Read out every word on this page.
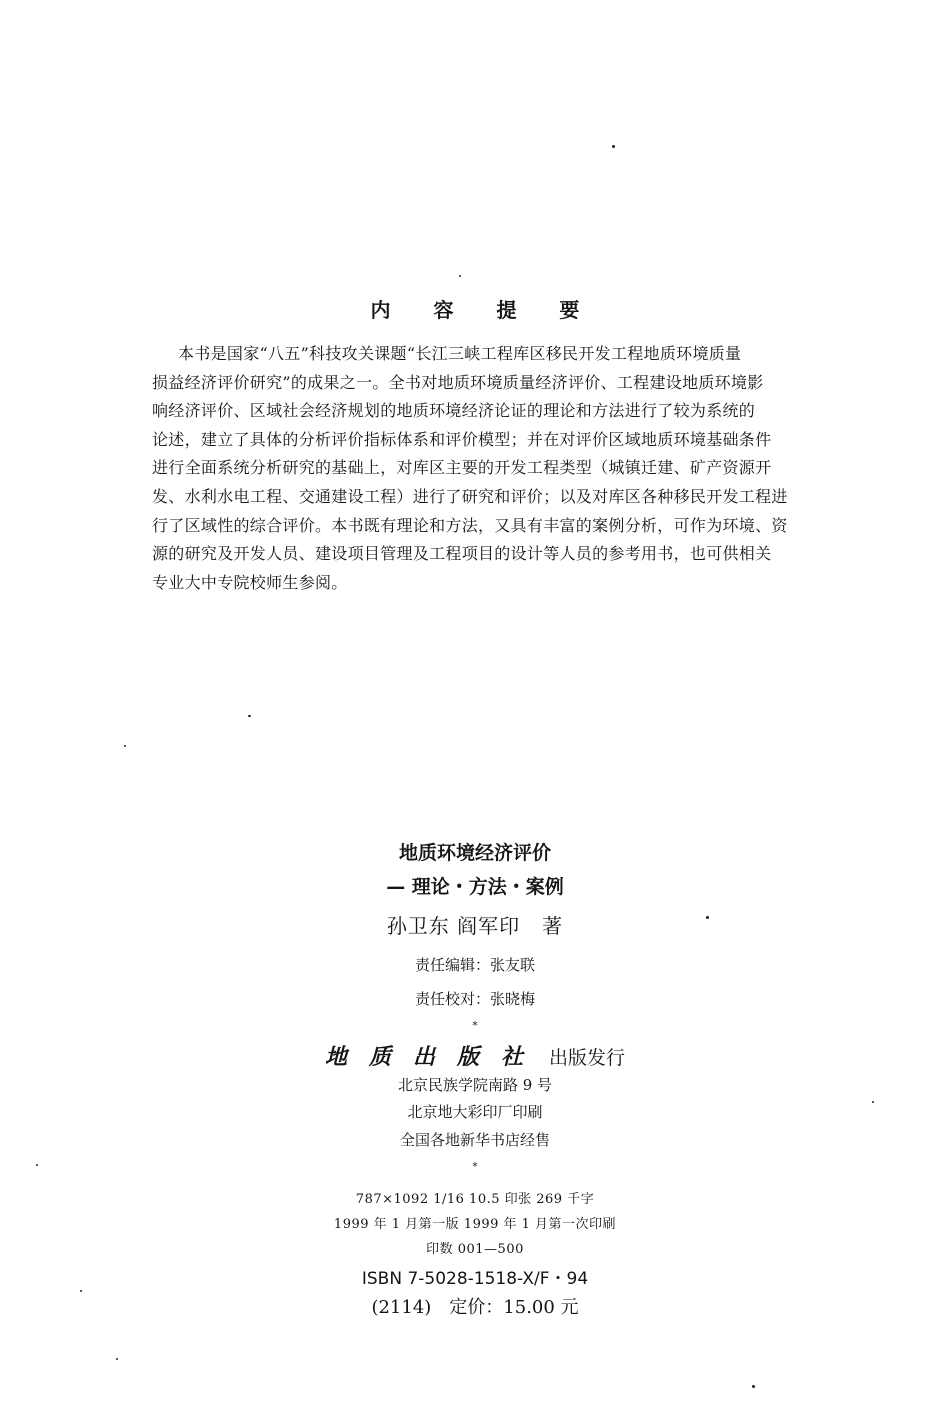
内 容 提 要
本书是国家“八五”科技攻关课题“长江三峡工程库区移民开发工程地质环境质量
损益经济评价研究”的成果之一。全书对地质环境质量经济评价、工程建设地质环境影
响经济评价、区域社会经济规划的地质环境经济论证的理论和方法进行了较为系统的
论述，建立了具体的分析评价指标体系和评价模型；并在对评价区域地质环境基础条件
进行全面系统分析研究的基础上，对库区主要的开发工程类型（城镇迁建、矿产资源开
发、水利水电工程、交通建设工程）进行了研究和评价；以及对库区各种移民开发工程进
行了区域性的综合评价。本书既有理论和方法，又具有丰富的案例分析，可作为环境、资
源的研究及开发人员、建设项目管理及工程项目的设计等人员的参考用书，也可供相关
专业大中专院校师生参阅。
地质环境经济评价
— 理论・方法・案例
孙卫东 阎军印 著
责任编辑：张友联
责任校对：张晓梅
*
地质出版社 出版发行
北京民族学院南路 9 号
北京地大彩印厂印刷
全国各地新华书店经售
*
787×1092 1/16 10.5 印张 269 千字
1999 年 1 月第一版 1999 年 1 月第一次印刷
印数 001—500
ISBN 7-5028-1518-X/F・94
(2114) 定价：15.00 元
